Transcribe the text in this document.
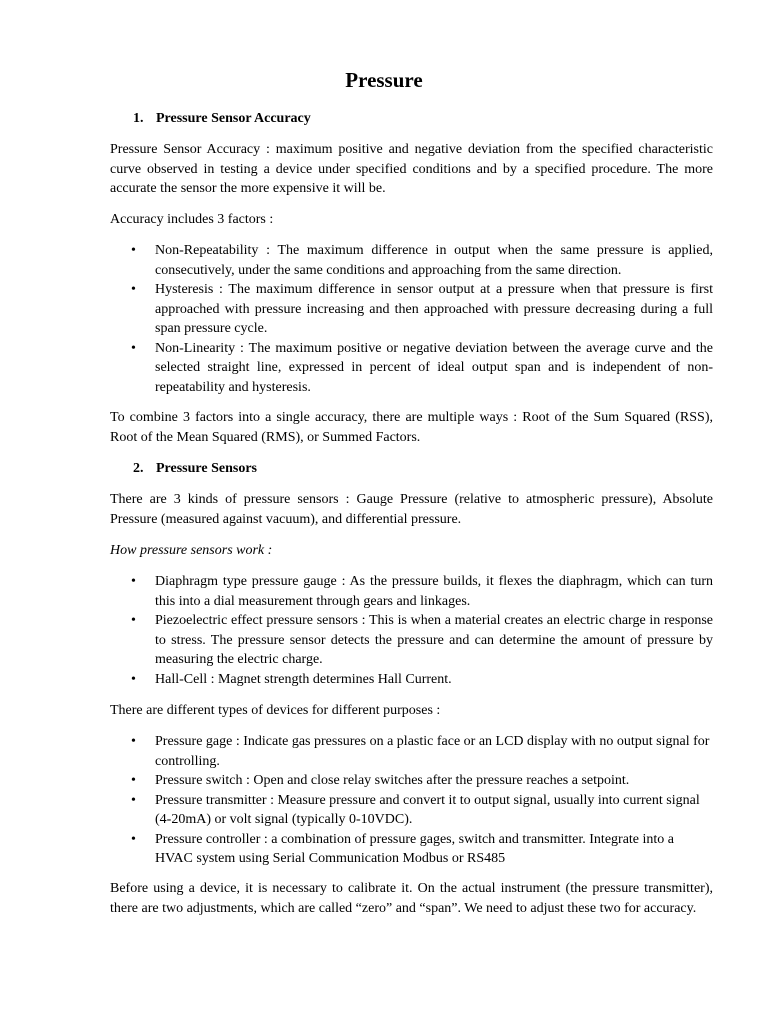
Pressure
1. Pressure Sensor Accuracy

Pressure Sensor Accuracy : maximum positive and negative deviation from the specified characteristic curve observed in testing a device under specified conditions and by a specified procedure. The more accurate the sensor the more expensive it will be.

Accuracy includes 3 factors :

• Non-Repeatability : The maximum difference in output when the same pressure is applied, consecutively, under the same conditions and approaching from the same direction.
• Hysteresis : The maximum difference in sensor output at a pressure when that pressure is first approached with pressure increasing and then approached with pressure decreasing during a full span pressure cycle.
• Non-Linearity : The maximum positive or negative deviation between the average curve and the selected straight line, expressed in percent of ideal output span and is independent of non-repeatability and hysteresis.

To combine 3 factors into a single accuracy, there are multiple ways : Root of the Sum Squared (RSS), Root of the Mean Squared (RMS), or Summed Factors.

2. Pressure Sensors

There are 3 kinds of pressure sensors : Gauge Pressure (relative to atmospheric pressure), Absolute Pressure (measured against vacuum), and differential pressure.

How pressure sensors work :

• Diaphragm type pressure gauge : As the pressure builds, it flexes the diaphragm, which can turn this into a dial measurement through gears and linkages.
• Piezoelectric effect pressure sensors : This is when a material creates an electric charge in response to stress. The pressure sensor detects the pressure and can determine the amount of pressure by measuring the electric charge.
• Hall-Cell : Magnet strength determines Hall Current.

There are different types of devices for different purposes :

• Pressure gage : Indicate gas pressures on a plastic face or an LCD display with no output signal for controlling.
• Pressure switch : Open and close relay switches after the pressure reaches a setpoint.
• Pressure transmitter : Measure pressure and convert it to output signal, usually into current signal (4-20mA) or volt signal (typically 0-10VDC).
• Pressure controller : a combination of pressure gages, switch and transmitter. Integrate into a HVAC system using Serial Communication Modbus or RS485

Before using a device, it is necessary to calibrate it. On the actual instrument (the pressure transmitter), there are two adjustments, which are called “zero” and “span”. We need to adjust these two for accuracy.
